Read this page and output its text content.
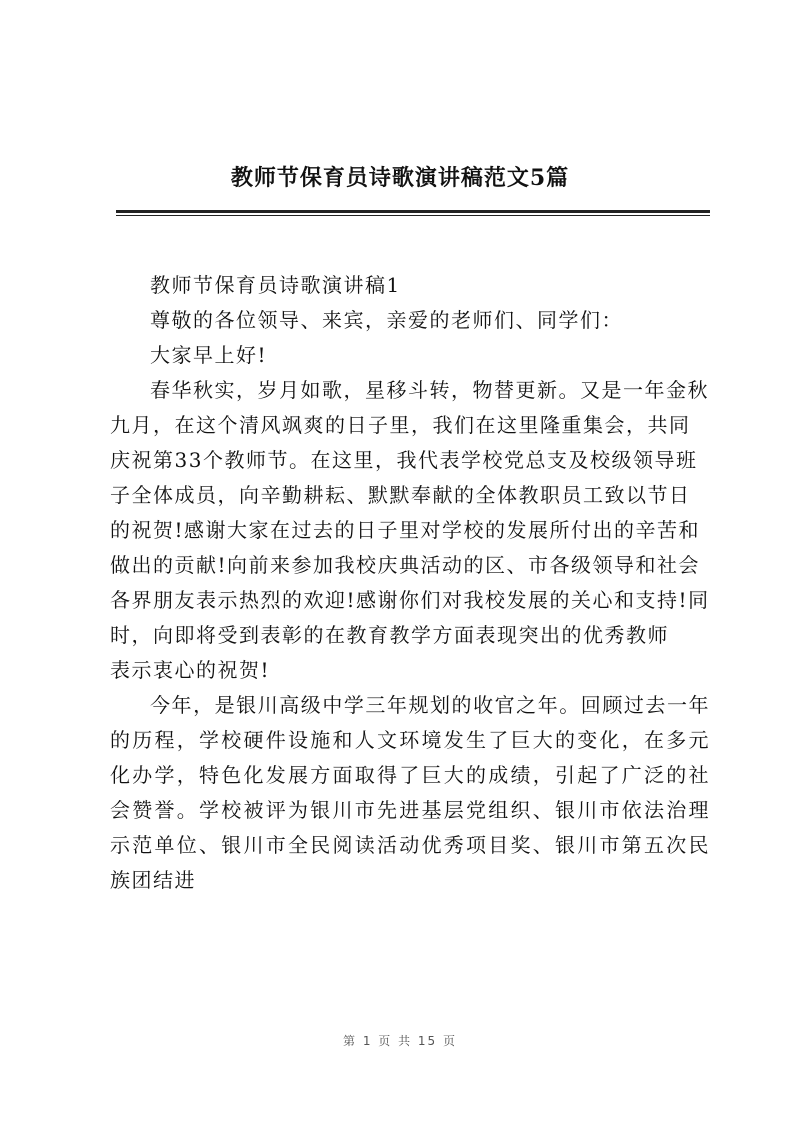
教师节保育员诗歌演讲稿范文5篇

教师节保育员诗歌演讲稿1

尊敬的各位领导、来宾，亲爱的老师们、同学们：

大家早上好!

春华秋实，岁月如歌，星移斗转，物替更新。又是一年金秋九月，在这个清风飒爽的日子里，我们在这里隆重集会，共同庆祝第33个教师节。在这里，我代表学校党总支及校级领导班子全体成员，向辛勤耕耘、默默奉献的全体教职员工致以节日的祝贺!感谢大家在过去的日子里对学校的发展所付出的辛苦和做出的贡献!向前来参加我校庆典活动的区、市各级领导和社会各界朋友表示热烈的欢迎!感谢你们对我校发展的关心和支持!同时，向即将受到表彰的在教育教学方面表现突出的优秀教师

表示衷心的祝贺!

今年，是银川高级中学三年规划的收官之年。回顾过去一年的历程，学校硬件设施和人文环境发生了巨大的变化，在多元化办学，特色化发展方面取得了巨大的成绩，引起了广泛的社会赞誉。学校被评为银川市先进基层党组织、银川市依法治理示范单位、银川市全民阅读活动优秀项目奖、银川市第五次民族团结进

第 1 页 共 15 页
